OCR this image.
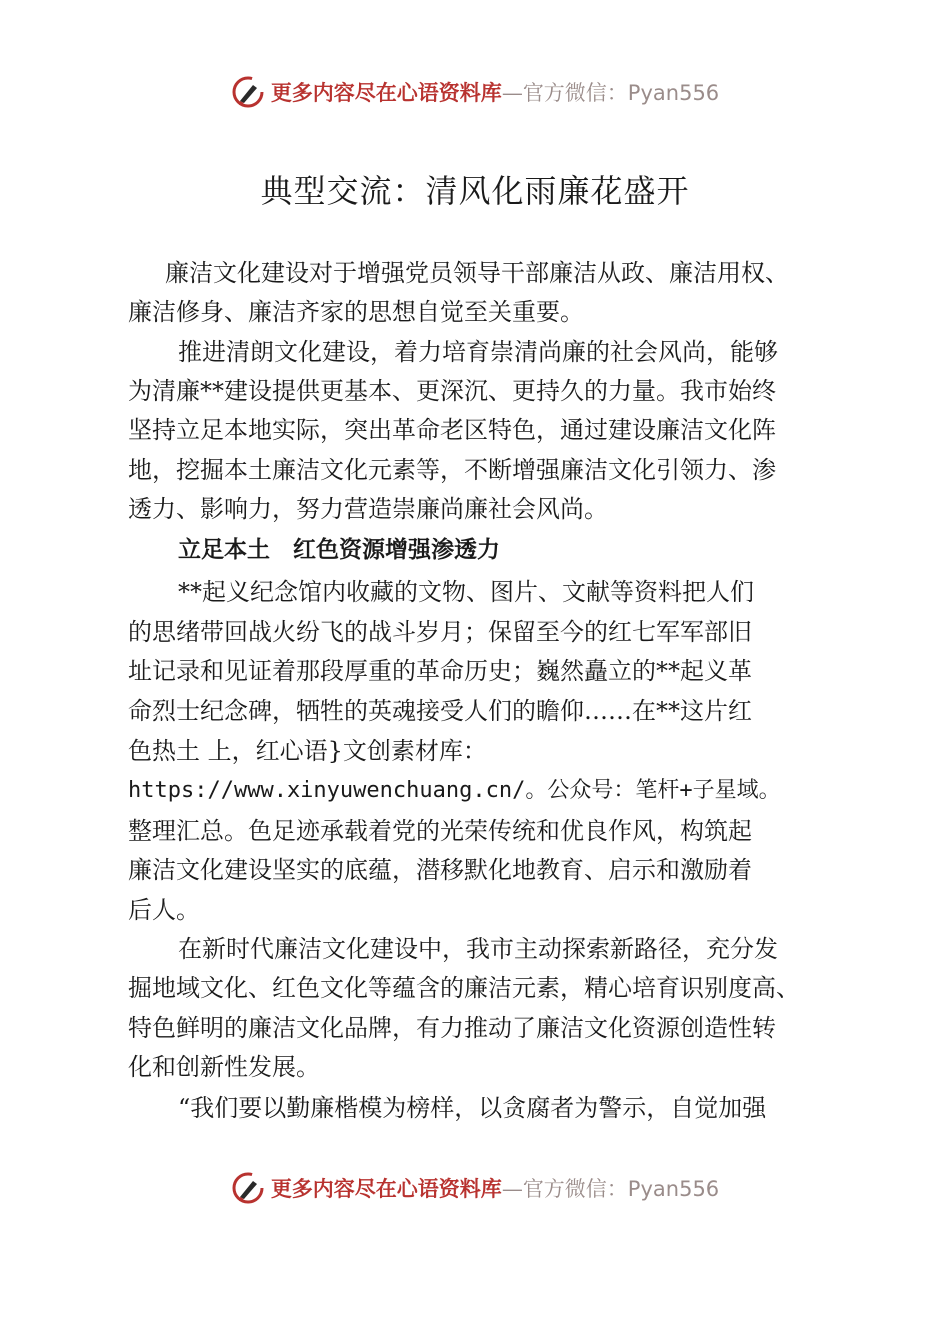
更多内容尽在心语资料库—官方微信：Pyan556
典型交流：清风化雨廉花盛开
廉洁文化建设对于增强党员领导干部廉洁从政、廉洁用权、
廉洁修身、廉洁齐家的思想自觉至关重要。
推进清朗文化建设，着力培育崇清尚廉的社会风尚，能够
为清廉**建设提供更基本、更深沉、更持久的力量。我市始终
坚持立足本地实际，突出革命老区特色，通过建设廉洁文化阵
地，挖掘本土廉洁文化元素等，不断增强廉洁文化引领力、渗
透力、影响力，努力营造崇廉尚廉社会风尚。
立足本土　红色资源增强渗透力
**起义纪念馆内收藏的文物、图片、文献等资料把人们
的思绪带回战火纷飞的战斗岁月；保留至今的红七军军部旧
址记录和见证着那段厚重的革命历史；巍然矗立的**起义革
命烈士纪念碑，牺牲的英魂接受人们的瞻仰……在**这片红
色热土 上，红心语}文创素材库：
https://www.xinyuwenchuang.cn/。公众号：笔杆+子星域。
整理汇总。色足迹承载着党的光荣传统和优良作风，构筑起
廉洁文化建设坚实的底蕴，潜移默化地教育、启示和激励着
后人。
在新时代廉洁文化建设中，我市主动探索新路径，充分发
掘地域文化、红色文化等蕴含的廉洁元素，精心培育识别度高、
特色鲜明的廉洁文化品牌，有力推动了廉洁文化资源创造性转
化和创新性发展。
“我们要以勤廉楷模为榜样，以贪腐者为警示，自觉加强
更多内容尽在心语资料库—官方微信：Pyan556
